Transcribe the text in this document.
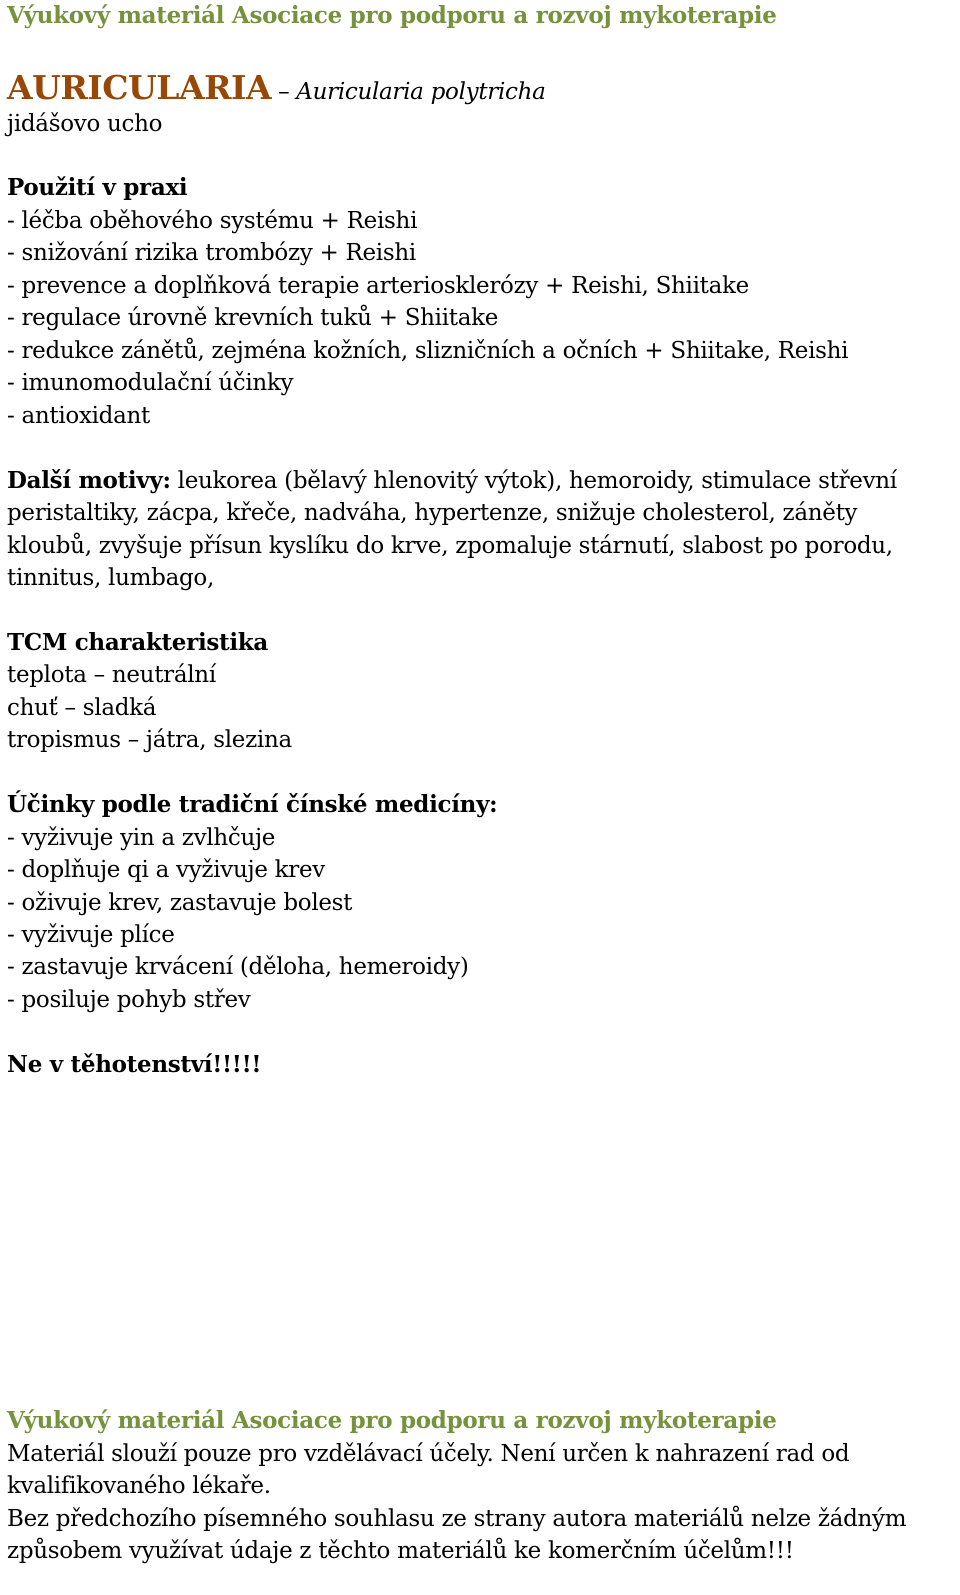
Výukový materiál Asociace pro podporu a rozvoj mykoterapie
AURICULARIA – Auricularia polytricha
jidášovo ucho
Použití v praxi
- léčba oběhového systému + Reishi
- snižování rizika trombózy + Reishi
- prevence a doplňková terapie arteriosklerózy + Reishi, Shiitake
- regulace úrovně krevních tuků + Shiitake
- redukce zánětů, zejména kožních, slizničních a očních + Shiitake, Reishi
- imunomodulační účinky
- antioxidant
Další motivy: leukorea (bělavý hlenovitý výtok), hemoroidy, stimulace střevní
peristaltiky, zácpa, křeče, nadváha, hypertenze, snižuje cholesterol, záněty
kloubů, zvyšuje přísun kyslíku do krve, zpomaluje stárnutí, slabost po porodu,
tinnitus, lumbago,
TCM charakteristika
teplota – neutrální
chuť – sladká
tropismus – játra, slezina
Účinky podle tradiční čínské medicíny:
- vyživuje yin a zvlhčuje
- doplňuje qi a vyživuje krev
- oživuje krev, zastavuje bolest
- vyživuje plíce
- zastavuje krvácení (děloha, hemeroidy)
- posiluje pohyb střev
Ne v těhotenství!!!!!
Výukový materiál Asociace pro podporu a rozvoj mykoterapie
Materiál slouží pouze pro vzdělávací účely. Není určen k nahrazení rad od
kvalifikovaného lékaře.
Bez předchozího písemného souhlasu ze strany autora materiálů nelze žádným
způsobem využívat údaje z těchto materiálů ke komerčním účelům!!!
